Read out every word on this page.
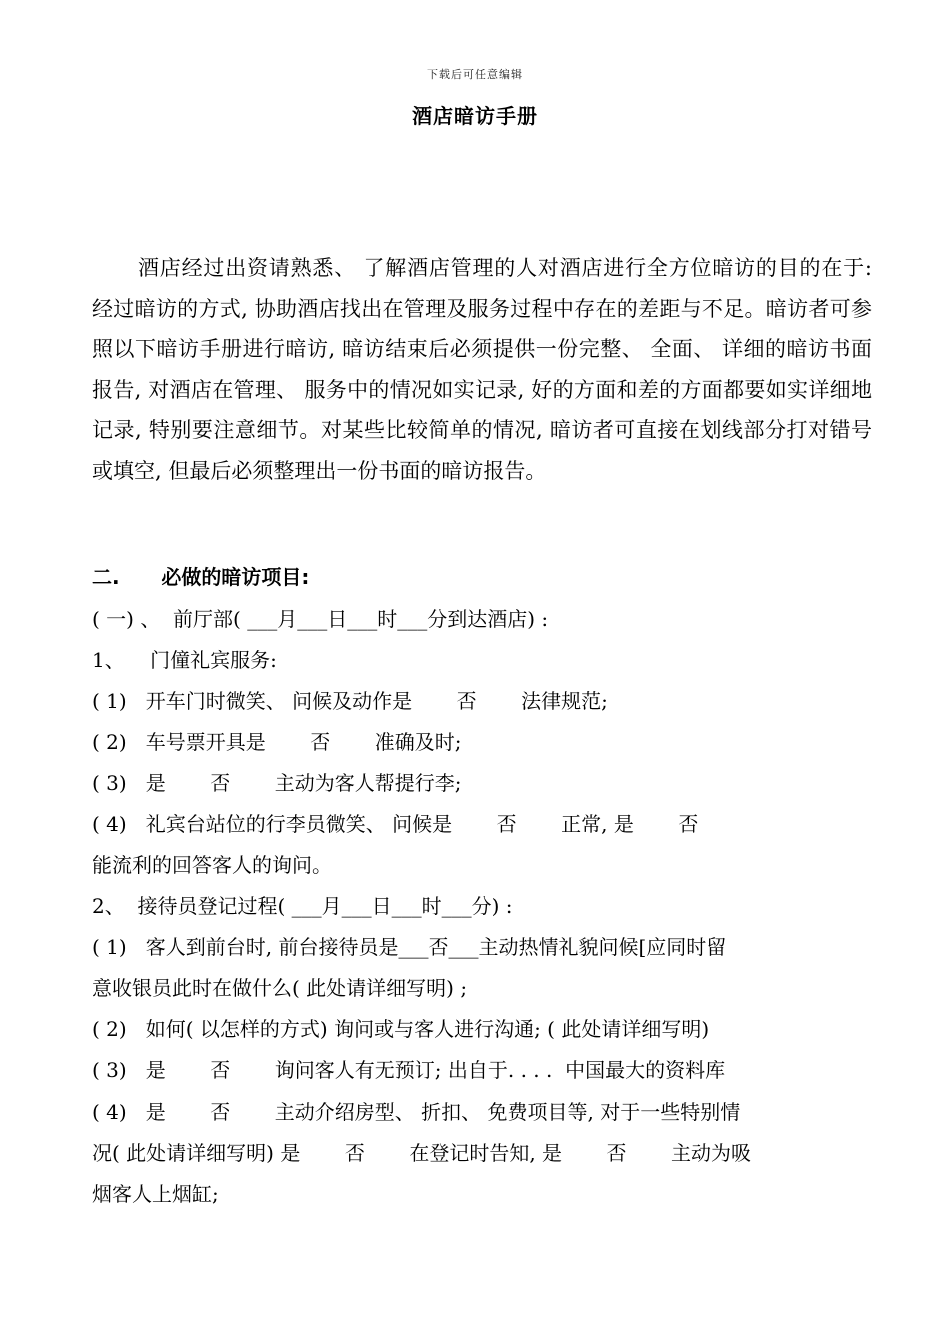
下载后可任意编辑
酒店暗访手册

酒店经过出资请熟悉、 了解酒店管理的人对酒店进行全方位暗访的目的在于: 经过暗访的方式, 协助酒店找出在管理及服务过程中存在的差距与不足。暗访者可参照以下暗访手册进行暗访, 暗访结束后必须提供一份完整、 全面、 详细的暗访书面报告, 对酒店在管理、 服务中的情况如实记录, 好的方面和差的方面都要如实详细地记录, 特别要注意细节。对某些比较简单的情况, 暗访者可直接在划线部分打对错号或填空, 但最后必须整理出一份书面的暗访报告。

二.      必做的暗访项目:
( 一) 、  前厅部( ___月___日___时___分到达酒店) :
1、    门僮礼宾服务:
( 1)   开车门时微笑、 问候及动作是       否       法律规范;
( 2)   车号票开具是       否       准确及时;
( 3)   是       否       主动为客人帮提行李;
( 4)   礼宾台站位的行李员微笑、 问候是       否       正常, 是       否
能流利的回答客人的询问。
2、  接待员登记过程( ___月___日___时___分) :
( 1)   客人到前台时, 前台接待员是___否___主动热情礼貌问候[应同时留
意收银员此时在做什么( 此处请详细写明) ;
( 2)   如何( 以怎样的方式) 询问或与客人进行沟通; ( 此处请详细写明)
( 3)   是       否       询问客人有无预订; 出自于. . . .  中国最大的资料库
( 4)   是       否       主动介绍房型、 折扣、 免费项目等, 对于一些特别情
况( 此处请详细写明) 是       否       在登记时告知, 是       否       主动为吸
烟客人上烟缸;
